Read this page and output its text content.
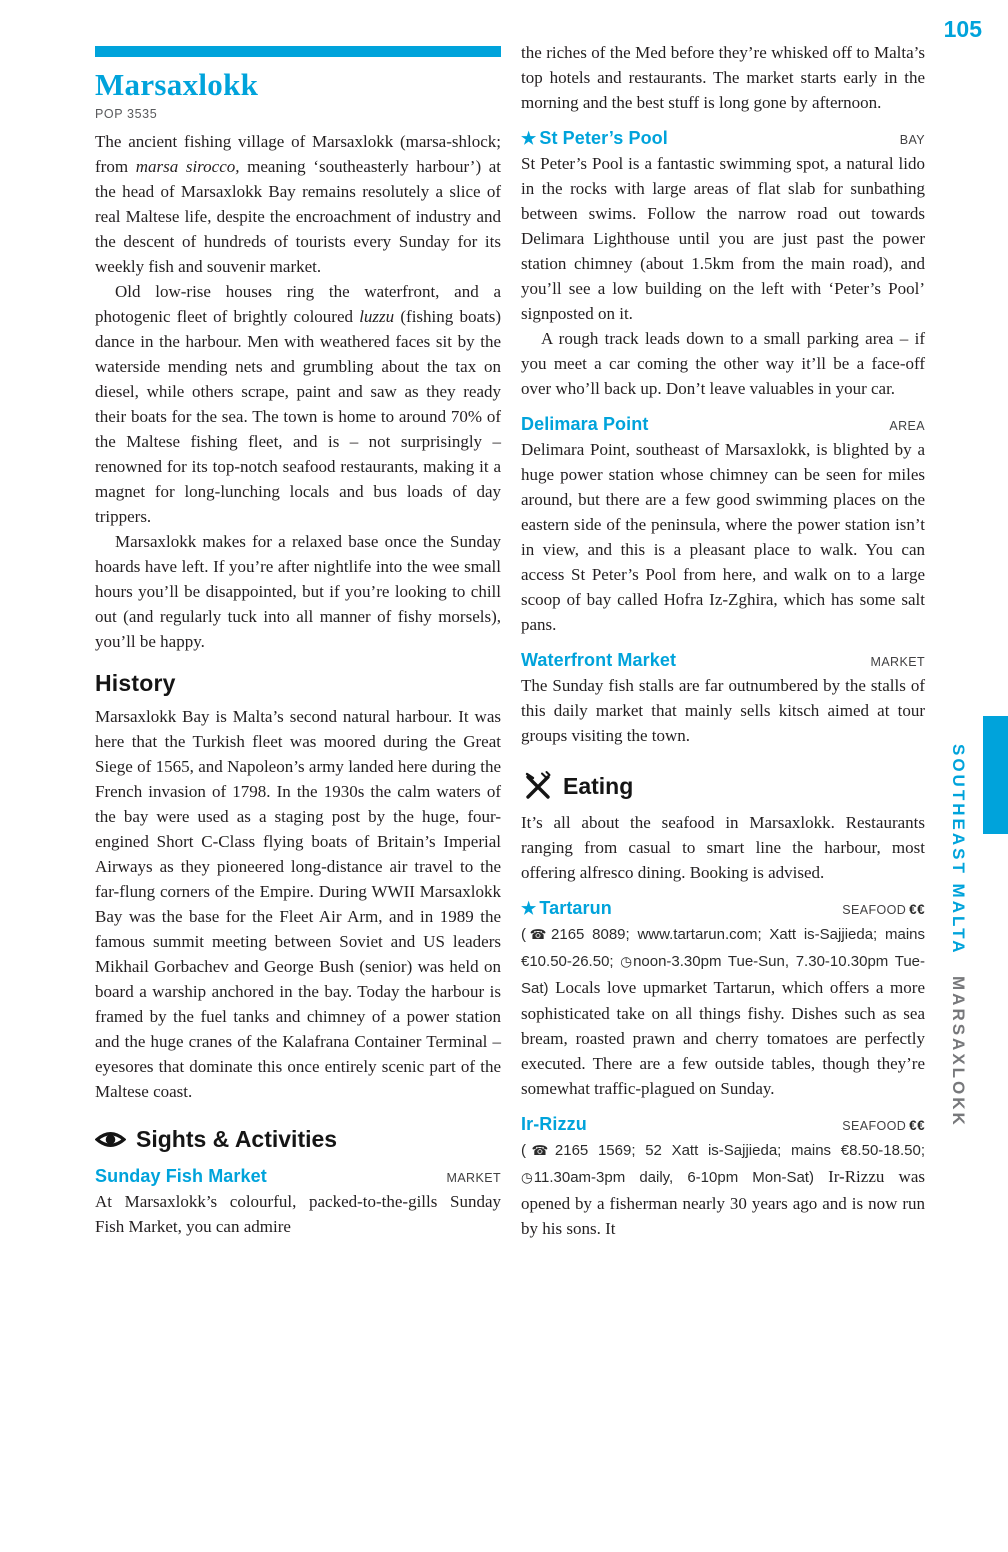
105
Marsaxlokk
POP 3535

The ancient fishing village of Marsaxlokk (marsa-shlock; from marsa sirocco, meaning ‘southeasterly harbour’) at the head of Marsaxlokk Bay remains resolutely a slice of real Maltese life, despite the encroachment of industry and the descent of hundreds of tourists every Sunday for its weekly fish and souvenir market.

Old low-rise houses ring the waterfront, and a photogenic fleet of brightly coloured luzzu (fishing boats) dance in the harbour. Men with weathered faces sit by the waterside mending nets and grumbling about the tax on diesel, while others scrape, paint and saw as they ready their boats for the sea. The town is home to around 70% of the Maltese fishing fleet, and is – not surprisingly – renowned for its top-notch seafood restaurants, making it a magnet for long-lunching locals and bus loads of day trippers.

Marsaxlokk makes for a relaxed base once the Sunday hoards have left. If you’re after nightlife into the wee small hours you’ll be disappointed, but if you’re looking to chill out (and regularly tuck into all manner of fishy morsels), you’ll be happy.

History

Marsaxlokk Bay is Malta’s second natural harbour. It was here that the Turkish fleet was moored during the Great Siege of 1565, and Napoleon’s army landed here during the French invasion of 1798. In the 1930s the calm waters of the bay were used as a staging post by the huge, four-engined Short C-Class flying boats of Britain’s Imperial Airways as they pioneered long-distance air travel to the far-flung corners of the Empire. During WWII Marsaxlokk Bay was the base for the Fleet Air Arm, and in 1989 the famous summit meeting between Soviet and US leaders Mikhail Gorbachev and George Bush (senior) was held on board a warship anchored in the bay. Today the harbour is framed by the fuel tanks and chimney of a power station and the huge cranes of the Kalafrana Container Terminal – eyesores that dominate this once entirely scenic part of the Maltese coast.

Sights & Activities
Sunday Fish Market	MARKET

At Marsaxlokk’s colourful, packed-to-the-gills Sunday Fish Market, you can admire

the riches of the Med before they’re whisked off to Malta’s top hotels and restaurants. The market starts early in the morning and the best stuff is long gone by afternoon.

★ St Peter’s Pool	BAY

St Peter’s Pool is a fantastic swimming spot, a natural lido in the rocks with large areas of flat slab for sunbathing between swims. Follow the narrow road out towards Delimara Lighthouse until you are just past the power station chimney (about 1.5km from the main road), and you’ll see a low building on the left with ‘Peter’s Pool’ signposted on it.

A rough track leads down to a small parking area – if you meet a car coming the other way it’ll be a face-off over who’ll back up. Don’t leave valuables in your car.

Delimara Point	AREA

Delimara Point, southeast of Marsaxlokk, is blighted by a huge power station whose chimney can be seen for miles around, but there are a few good swimming places on the eastern side of the peninsula, where the power station isn’t in view, and this is a pleasant place to walk. You can access St Peter’s Pool from here, and walk on to a large scoop of bay called Hofra Iz-Zghira, which has some salt pans.

Waterfront Market	MARKET

The Sunday fish stalls are far outnumbered by the stalls of this daily market that mainly sells kitsch aimed at tour groups visiting the town.

Eating

It’s all about the seafood in Marsaxlokk. Restaurants ranging from casual to smart line the harbour, most offering alfresco dining. Booking is advised.

★ Tartarun	SEAFOOD €€

(☎2165 8089; www.tartarun.com; Xatt is-Sajjieda; mains €10.50-26.50; ◷noon-3.30pm Tue-Sun, 7.30-10.30pm Tue-Sat) Locals love upmarket Tartarun, which offers a more sophisticated take on all things fishy. Dishes such as sea bream, roasted prawn and cherry tomatoes are perfectly executed. There are a few outside tables, though they’re somewhat traffic-plagued on Sunday.

Ir-Rizzu	SEAFOOD €€

(☎2165 1569; 52 Xatt is-Sajjieda; mains €8.50-18.50; ◷11.30am-3pm daily, 6-10pm Mon-Sat) Ir-Rizzu was opened by a fisherman nearly 30 years ago and is now run by his sons. It

SOUTHEAST MALTAMARSAXLOKK
